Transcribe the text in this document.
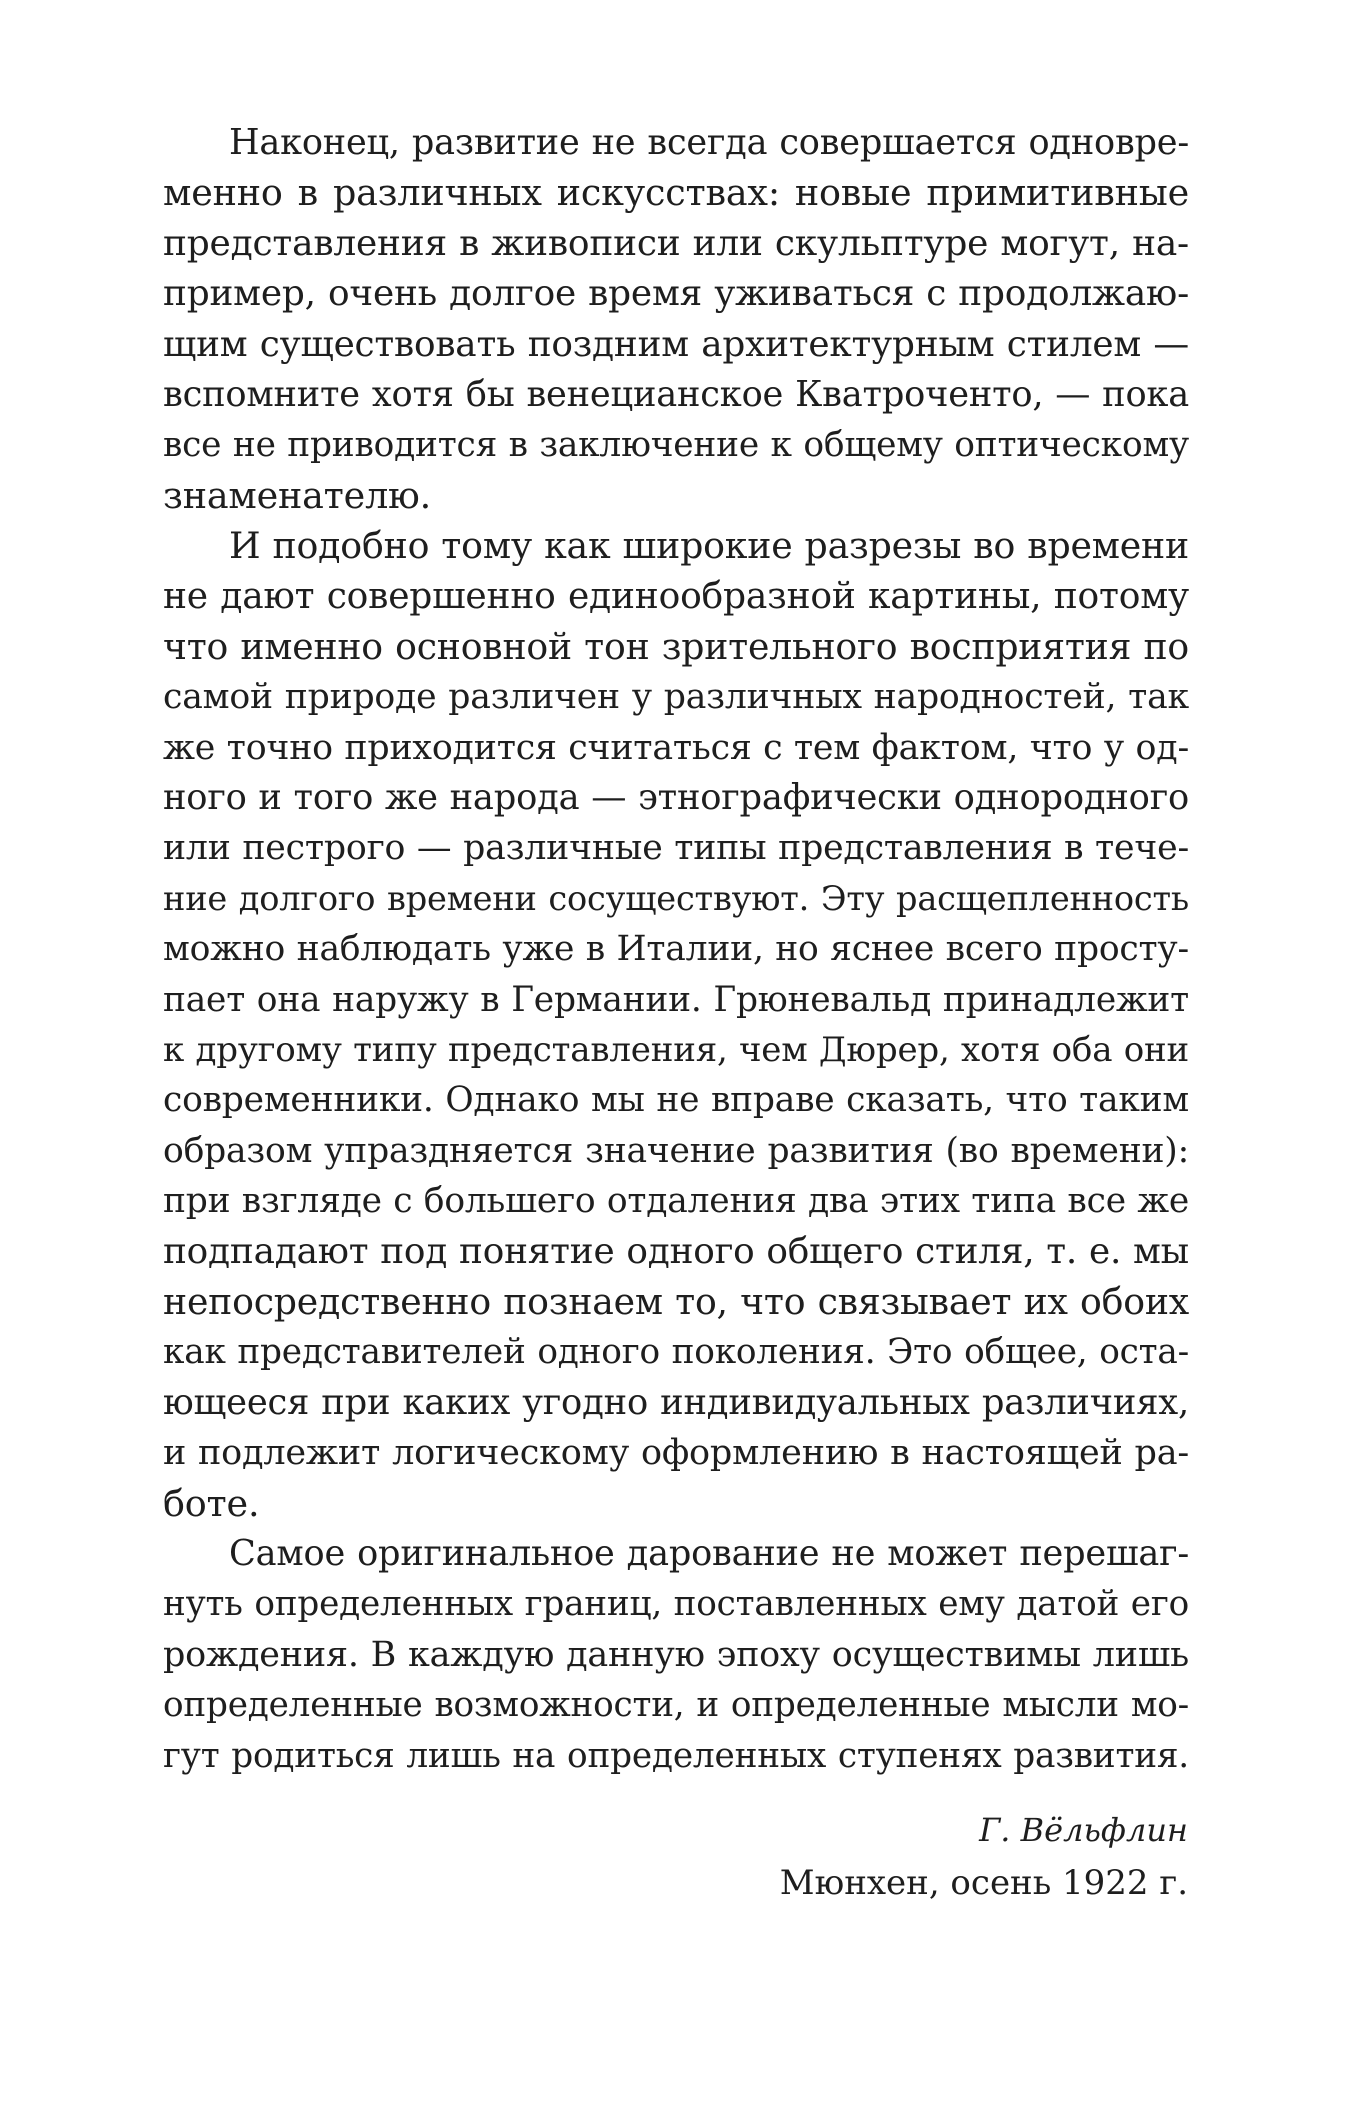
Наконец, развитие не всегда совершается одновре-
менно в различных искусствах: новые примитивные
представления в живописи или скульптуре могут, на-
пример, очень долгое время уживаться с продолжаю-
щим существовать поздним архитектурным стилем —
вспомните хотя бы венецианское Кватроченто, — пока
все не приводится в заключение к общему оптическому
знаменателю.
И подобно тому как широкие разрезы во времени
не дают совершенно единообразной картины, потому
что именно основной тон зрительного восприятия по
самой природе различен у различных народностей, так
же точно приходится считаться с тем фактом, что у од-
ного и того же народа — этнографически однородного
или пестрого — различные типы представления в тече-
ние долгого времени сосуществуют. Эту расщепленность
можно наблюдать уже в Италии, но яснее всего просту-
пает она наружу в Германии. Грюневальд принадлежит
к другому типу представления, чем Дюрер, хотя оба они
современники. Однако мы не вправе сказать, что таким
образом упраздняется значение развития (во времени):
при взгляде с большего отдаления два этих типа все же
подпадают под понятие одного общего стиля, т. е. мы
непосредственно познаем то, что связывает их обоих
как представителей одного поколения. Это общее, оста-
ющееся при каких угодно индивидуальных различиях,
и подлежит логическому оформлению в настоящей ра-
боте.
Самое оригинальное дарование не может перешаг-
нуть определенных границ, поставленных ему датой его
рождения. В каждую данную эпоху осуществимы лишь
определенные возможности, и определенные мысли мо-
гут родиться лишь на определенных ступенях развития.
Г. Вёльфлин
Мюнхен, осень 1922 г.
